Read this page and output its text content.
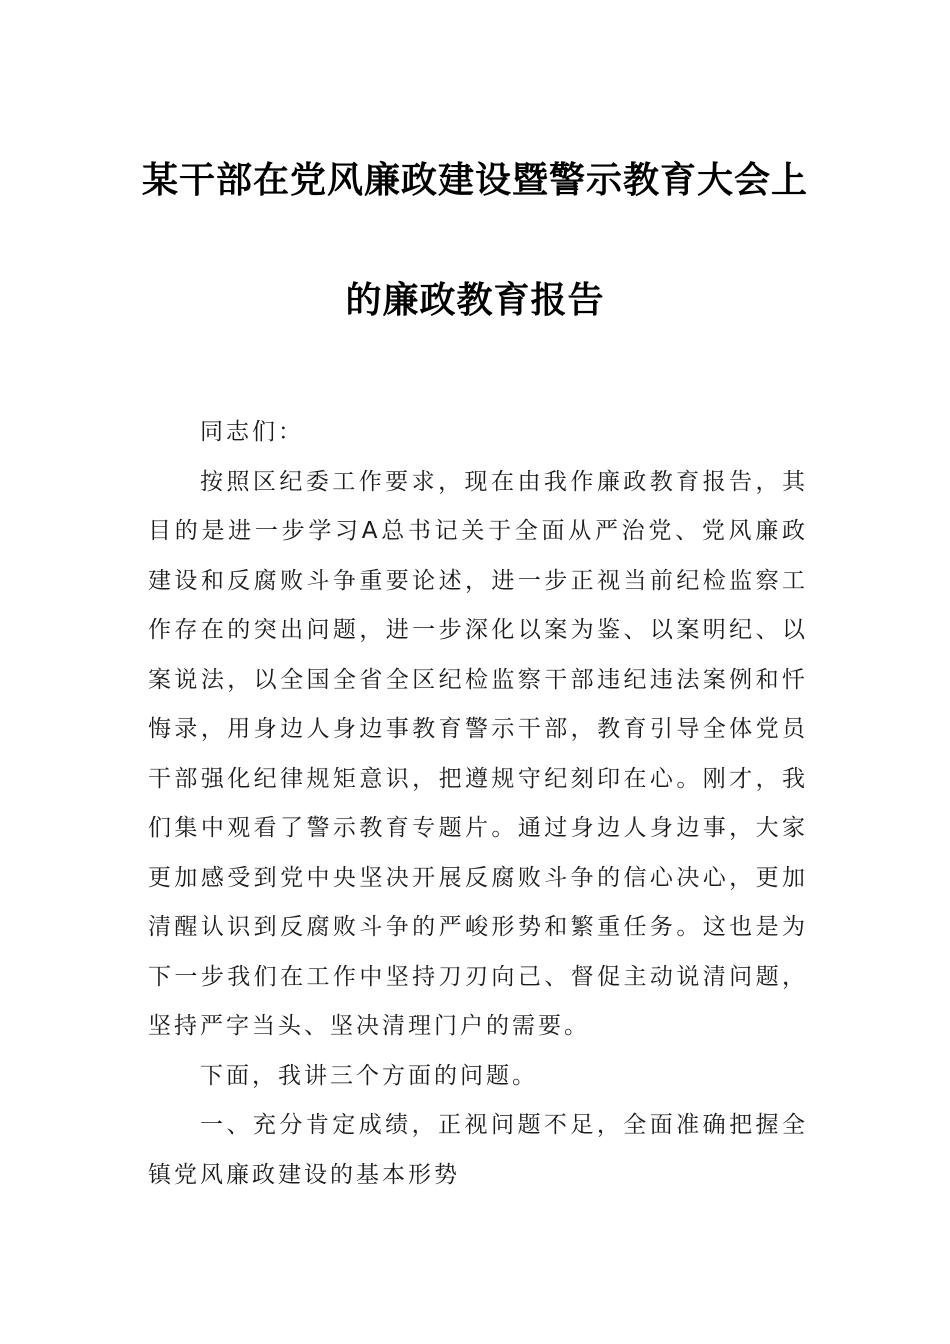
某干部在党风廉政建设暨警示教育大会上
的廉政教育报告

同志们：

按照区纪委工作要求，现在由我作廉政教育报告，其目的是进一步学习A总书记关于全面从严治党、党风廉政建设和反腐败斗争重要论述，进一步正视当前纪检监察工作存在的突出问题，进一步深化以案为鉴、以案明纪、以案说法，以全国全省全区纪检监察干部违纪违法案例和忏悔录，用身边人身边事教育警示干部，教育引导全体党员干部强化纪律规矩意识，把遵规守纪刻印在心。刚才，我们集中观看了警示教育专题片。通过身边人身边事，大家更加感受到党中央坚决开展反腐败斗争的信心决心，更加清醒认识到反腐败斗争的严峻形势和繁重任务。这也是为下一步我们在工作中坚持刀刃向己、督促主动说清问题，坚持严字当头、坚决清理门户的需要。

下面，我讲三个方面的问题。

一、充分肯定成绩，正视问题不足，全面准确把握全镇党风廉政建设的基本形势
